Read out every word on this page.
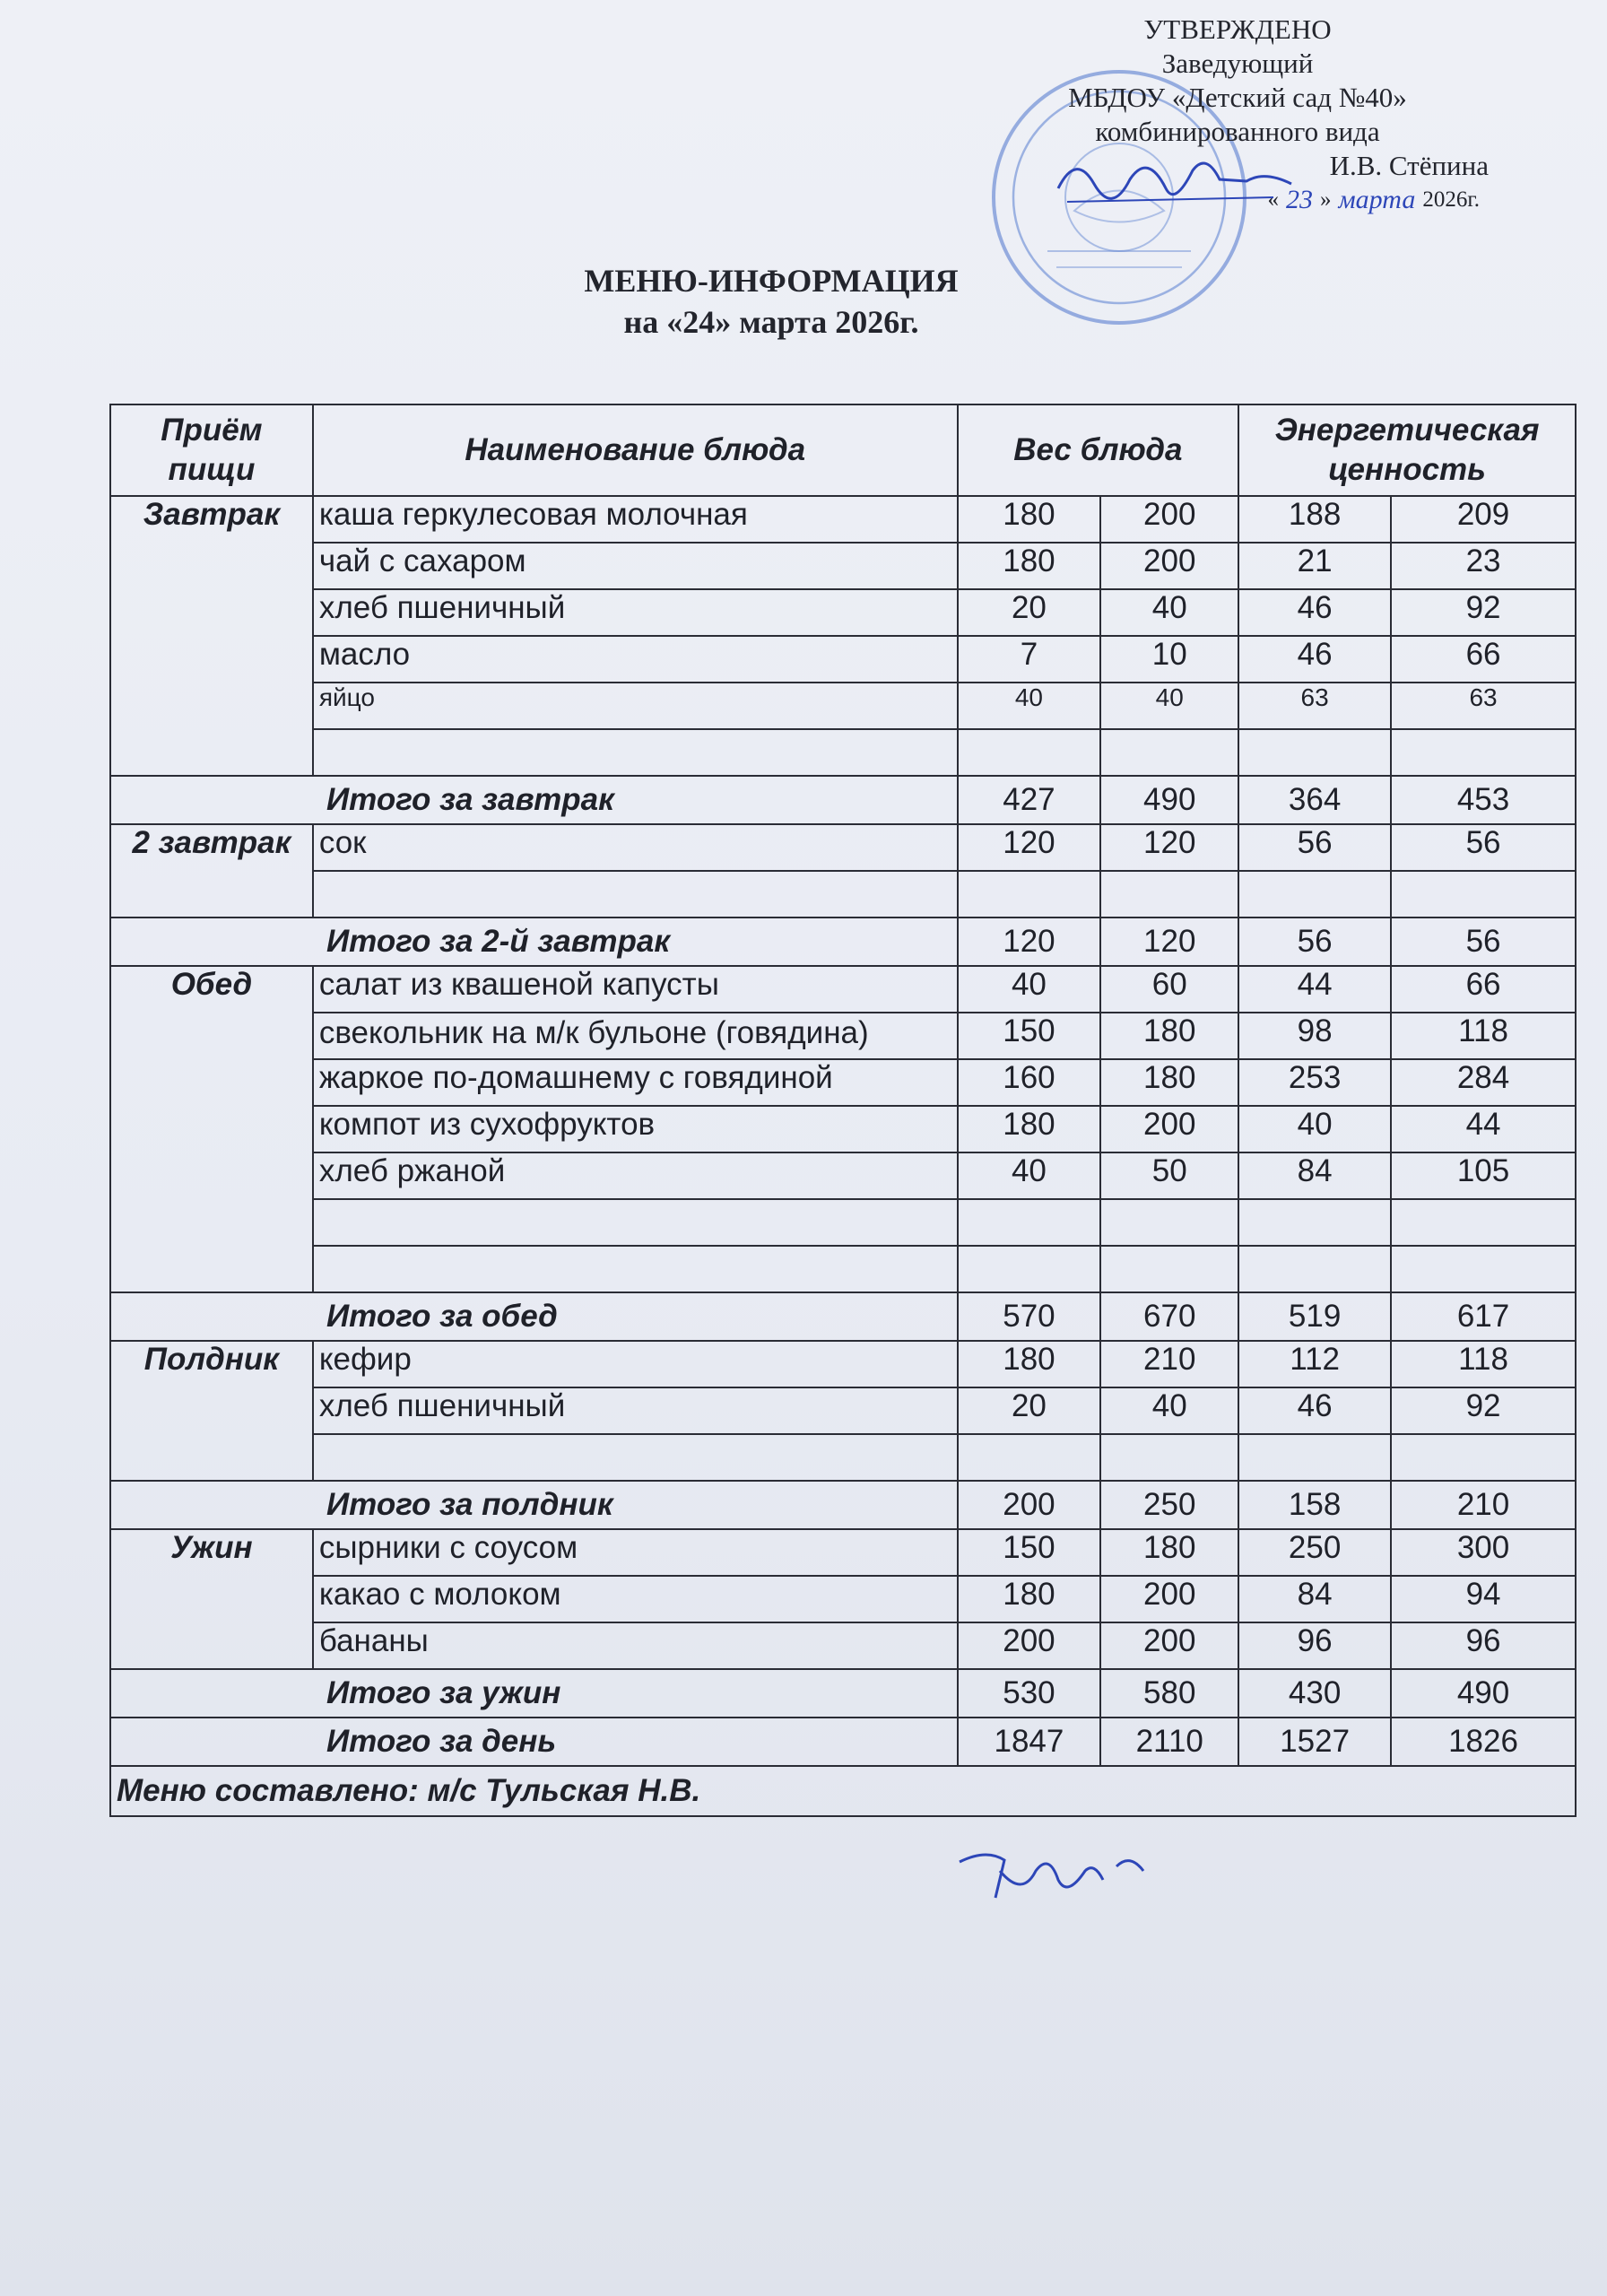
УТВЕРЖДЕНО
Заведующий
МБДОУ «Детский сад №40»
комбинированного вида
И.В. Стёпина
« 23 » марта 2026г.
МЕНЮ-ИНФОРМАЦИЯ
на «24» марта 2026г.
Приём пищи	Наименование блюда	Вес блюда		Энергетическая ценность	
Завтрак	каша геркулесовая молочная	180	200	188	209
	чай с сахаром	180	200	21	23
	хлеб пшеничный	20	40	46	92
	масло	7	10	46	66
	яйцо	40	40	63	63

Итого за завтрак		427	490	364	453
2 завтрак	сок	120	120	56	56

Итого за 2-й завтрак		120	120	56	56
Обед	салат из квашеной капусты	40	60	44	66
	свекольник на м/к бульоне (говядина)	150	180	98	118
	жаркое по-домашнему с говядиной	160	180	253	284
	компот из сухофруктов	180	200	40	44
	хлеб ржаной	40	50	84	105

Итого за обед		570	670	519	617
Полдник	кефир	180	210	112	118
	хлеб пшеничный	20	40	46	92

Итого за полдник		200	250	158	210
Ужин	сырники с соусом	150	180	250	300
	какао с молоком	180	200	84	94
	бананы	200	200	96	96
Итого за ужин		530	580	430	490
Итого за день		1847	2110	1527	1826
Меню составлено: м/с Тульская Н.В.					
